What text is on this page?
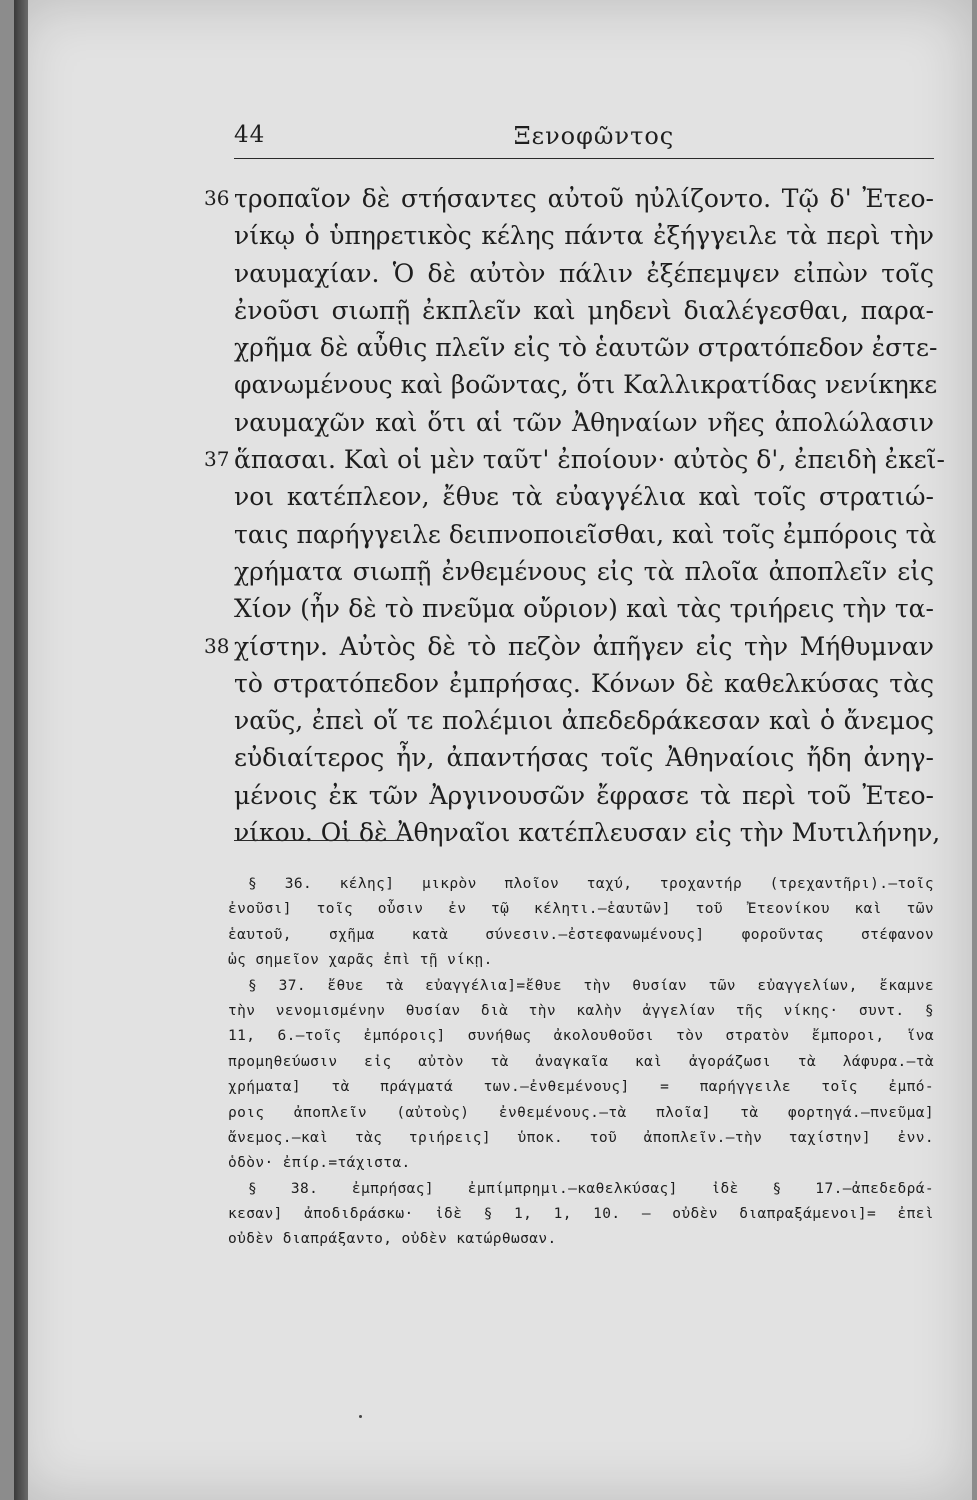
44	Ξενοφῶντος
36 τροπαῖον δὲ στήσαντες αὐτοῦ ηὐλίζοντο. Τῷ δ' Ἐτεο-
νίκῳ ὁ ὑπηρετικὸς κέλης πάντα ἐξήγγειλε τὰ περὶ τὴν
ναυμαχίαν. Ὁ δὲ αὐτὸν πάλιν ἐξέπεμψεν εἰπὼν τοῖς
ἐνοῦσι σιωπῇ ἐκπλεῖν καὶ μηδενὶ διαλέγεσθαι, παρα-
χρῆμα δὲ αὖθις πλεῖν εἰς τὸ ἑαυτῶν στρατόπεδον ἐστε-
φανωμένους καὶ βοῶντας, ὅτι Καλλικρατίδας νενίκηκε
ναυμαχῶν καὶ ὅτι αἱ τῶν Ἀθηναίων νῆες ἀπολώλασιν
37 ἅπασαι. Καὶ οἱ μὲν ταῦτ' ἐποίουν· αὐτὸς δ', ἐπειδὴ ἐκεῖ-
νοι κατέπλεον, ἔθυε τὰ εὐαγγέλια καὶ τοῖς στρατιώ-
ταις παρήγγειλε δειπνοποιεῖσθαι, καὶ τοῖς ἐμπόροις τὰ
χρήματα σιωπῇ ἐνθεμένους εἰς τὰ πλοῖα ἀποπλεῖν εἰς
Χίον (ἦν δὲ τὸ πνεῦμα οὔριον) καὶ τὰς τριήρεις τὴν τα-
38 χίστην. Αὐτὸς δὲ τὸ πεζὸν ἀπῆγεν εἰς τὴν Μήθυμναν
τὸ στρατόπεδον ἐμπρήσας. Κόνων δὲ καθελκύσας τὰς
ναῦς, ἐπεὶ οἵ τε πολέμιοι ἀπεδεδράκεσαν καὶ ὁ ἄνεμος
εὐδιαίτερος ἦν, ἀπαντήσας τοῖς Ἀθηναίοις ἤδη ἀνηγ-
μένοις ἐκ τῶν Ἀργινουσῶν ἔφρασε τὰ περὶ τοῦ Ἐτεο-
νίκου. Οἱ δὲ Ἀθηναῖοι κατέπλευσαν εἰς τὴν Μυτιλήνην,
§ 36. κέλης] μικρὸν πλοῖον ταχύ, τροχαντήρ (τρεχαντῆρι).—τοῖς
ἐνοῦσι] τοῖς οὖσιν ἐν τῷ κέλητι.—ἑαυτῶν] τοῦ Ἐτεονίκου καὶ τῶν
ἑαυτοῦ, σχῆμα κατὰ σύνεσιν.—ἐστεφανωμένους] φοροῦντας στέφανον
ὡς σημεῖον χαρᾶς ἐπὶ τῇ νίκῃ.
§ 37. ἔθυε τὰ εὐαγγέλια]=ἔθυε τὴν θυσίαν τῶν εὐαγγελίων, ἔκαμνε
τὴν νενομισμένην θυσίαν διὰ τὴν καλὴν ἀγγελίαν τῆς νίκης· συντ. §
11, 6.—τοῖς ἐμπόροις] συνήθως ἀκολουθοῦσι τὸν στρατὸν ἔμποροι, ἵνα
προμηθεύωσιν εἰς αὐτὸν τὰ ἀναγκαῖα καὶ ἀγοράζωσι τὰ λάφυρα.—τὰ
χρήματα] τὰ πράγματά των.—ἐνθεμένους] = παρήγγειλε τοῖς ἐμπό-
ροις ἀποπλεῖν (αὐτοὺς) ἐνθεμένους.—τὰ πλοῖα] τὰ φορτηγά.—πνεῦμα]
ἄνεμος.—καὶ τὰς τριήρεις] ὑποκ. τοῦ ἀποπλεῖν.—τὴν ταχίστην] ἐνν.
ὁδὸν· ἐπίρ.=τάχιστα.
§ 38. ἐμπρήσας] ἐμπίμπρημι.—καθελκύσας] ἰδὲ § 17.—ἀπεδεδρά-
κεσαν] ἀποδιδράσκω· ἰδὲ § 1, 1, 10. — οὐδὲν διαπραξάμενοι]= ἐπεὶ
οὐδὲν διαπράξαντο, οὐδὲν κατώρθωσαν.
